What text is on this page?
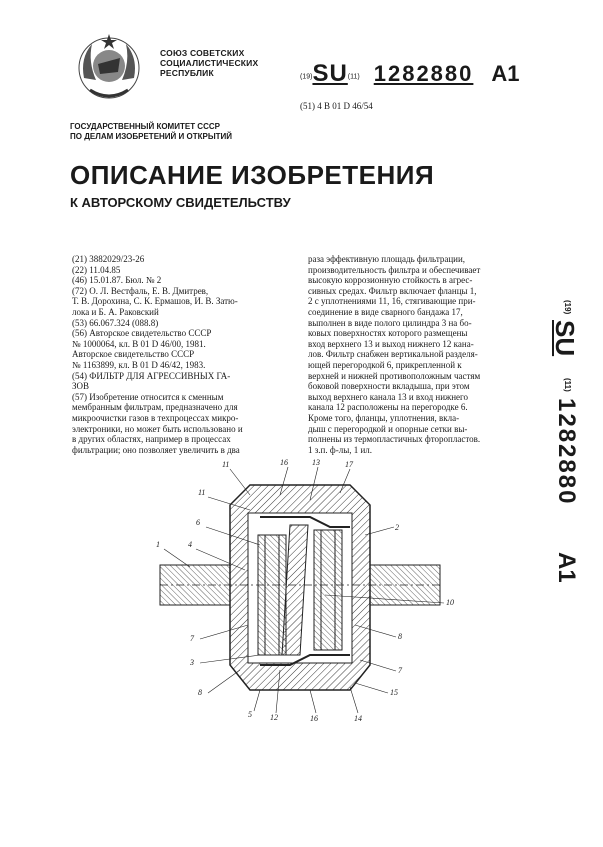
СОЮЗ СОВЕТСКИХ
СОЦИАЛИСТИЧЕСКИХ
РЕСПУБЛИК	(19)SU(11) 1282880 A1
(51) 4 B 01 D 46/54
ГОСУДАРСТВЕННЫЙ КОМИТЕТ СССР
ПО ДЕЛАМ ИЗОБРЕТЕНИЙ И ОТКРЫТИЙ
ОПИСАНИЕ ИЗОБРЕТЕНИЯ
К АВТОРСКОМУ СВИДЕТЕЛЬСТВУ
(21) 3882029/23-26
(22) 11.04.85
(46) 15.01.87. Бюл. № 2
(72) О. Л. Вестфаль, Е. В. Дмитрев,
Т. В. Дорохина, С. К. Ермашов, И. В. Затю-
лока и Б. А. Раковский
(53) 66.067.324 (088.8)
(56) Авторское свидетельство СССР
№ 1000064, кл. В 01 D 46/00, 1981.
Авторское свидетельство СССР
№ 1163899, кл. В 01 D 46/42, 1983.
(54) ФИЛЬТР ДЛЯ АГРЕССИВНЫХ ГА-
ЗОВ
(57) Изобретение относится к сменным
мембранным фильтрам, предназначено для
микроочистки газов в техпроцессах микро-
электроники, но может быть использовано и
в других областях, например в процессах
фильтрации; оно позволяет увеличить в два
раза эффективную площадь фильтрации,
производительность фильтра и обеспечивает
высокую коррозионную стойкость в агрес-
сивных средах. Фильтр включает фланцы 1,
2 с уплотнениями 11, 16, стягивающие при-
соединение в виде сварного бандажа 17,
выполнен в виде полого цилиндра 3 на бо-
ковых поверхностях которого размещены
вход верхнего 13 и выход нижнего 12 кана-
лов. Фильтр снабжен вертикальной разделя-
ющей перегородкой 6, прикрепленной к
верхней и нижней противоположным частям
боковой поверхности вкладыша, при этом
выход верхнего канала 13 и вход нижнего
канала 12 расположены на перегородке 6.
Кроме того, фланцы, уплотнения, вкла-
дыш с перегородкой и опорные сетки вы-
полнены из термопластичных фторопластов.
1 з.п. ф-лы, 1 ил.
(19)
SU
(11)
1282880
A1
11	16	13	17
11
2
6
1	4
10
7	8
3
7
8	15
5 12	16	14
